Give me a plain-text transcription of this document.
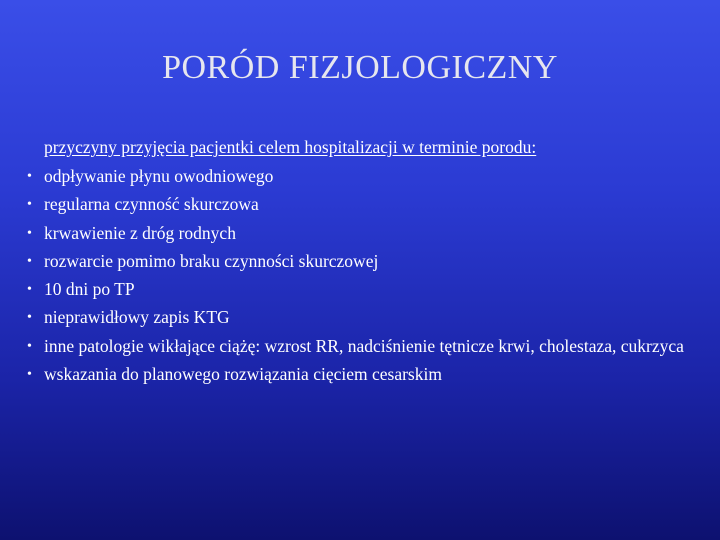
PORÓD FIZJOLOGICZNY
przyczyny przyjęcia pacjentki celem hospitalizacji w terminie porodu:
• odpływanie płynu owodniowego
• regularna czynność skurczowa
• krwawienie z dróg rodnych
• rozwarcie pomimo braku czynności skurczowej
• 10 dni po TP
• nieprawidłowy zapis KTG
• inne patologie wikłające ciążę: wzrost RR, nadciśnienie tętnicze krwi, cholestaza, cukrzyca
• wskazania do planowego rozwiązania cięciem cesarskim
